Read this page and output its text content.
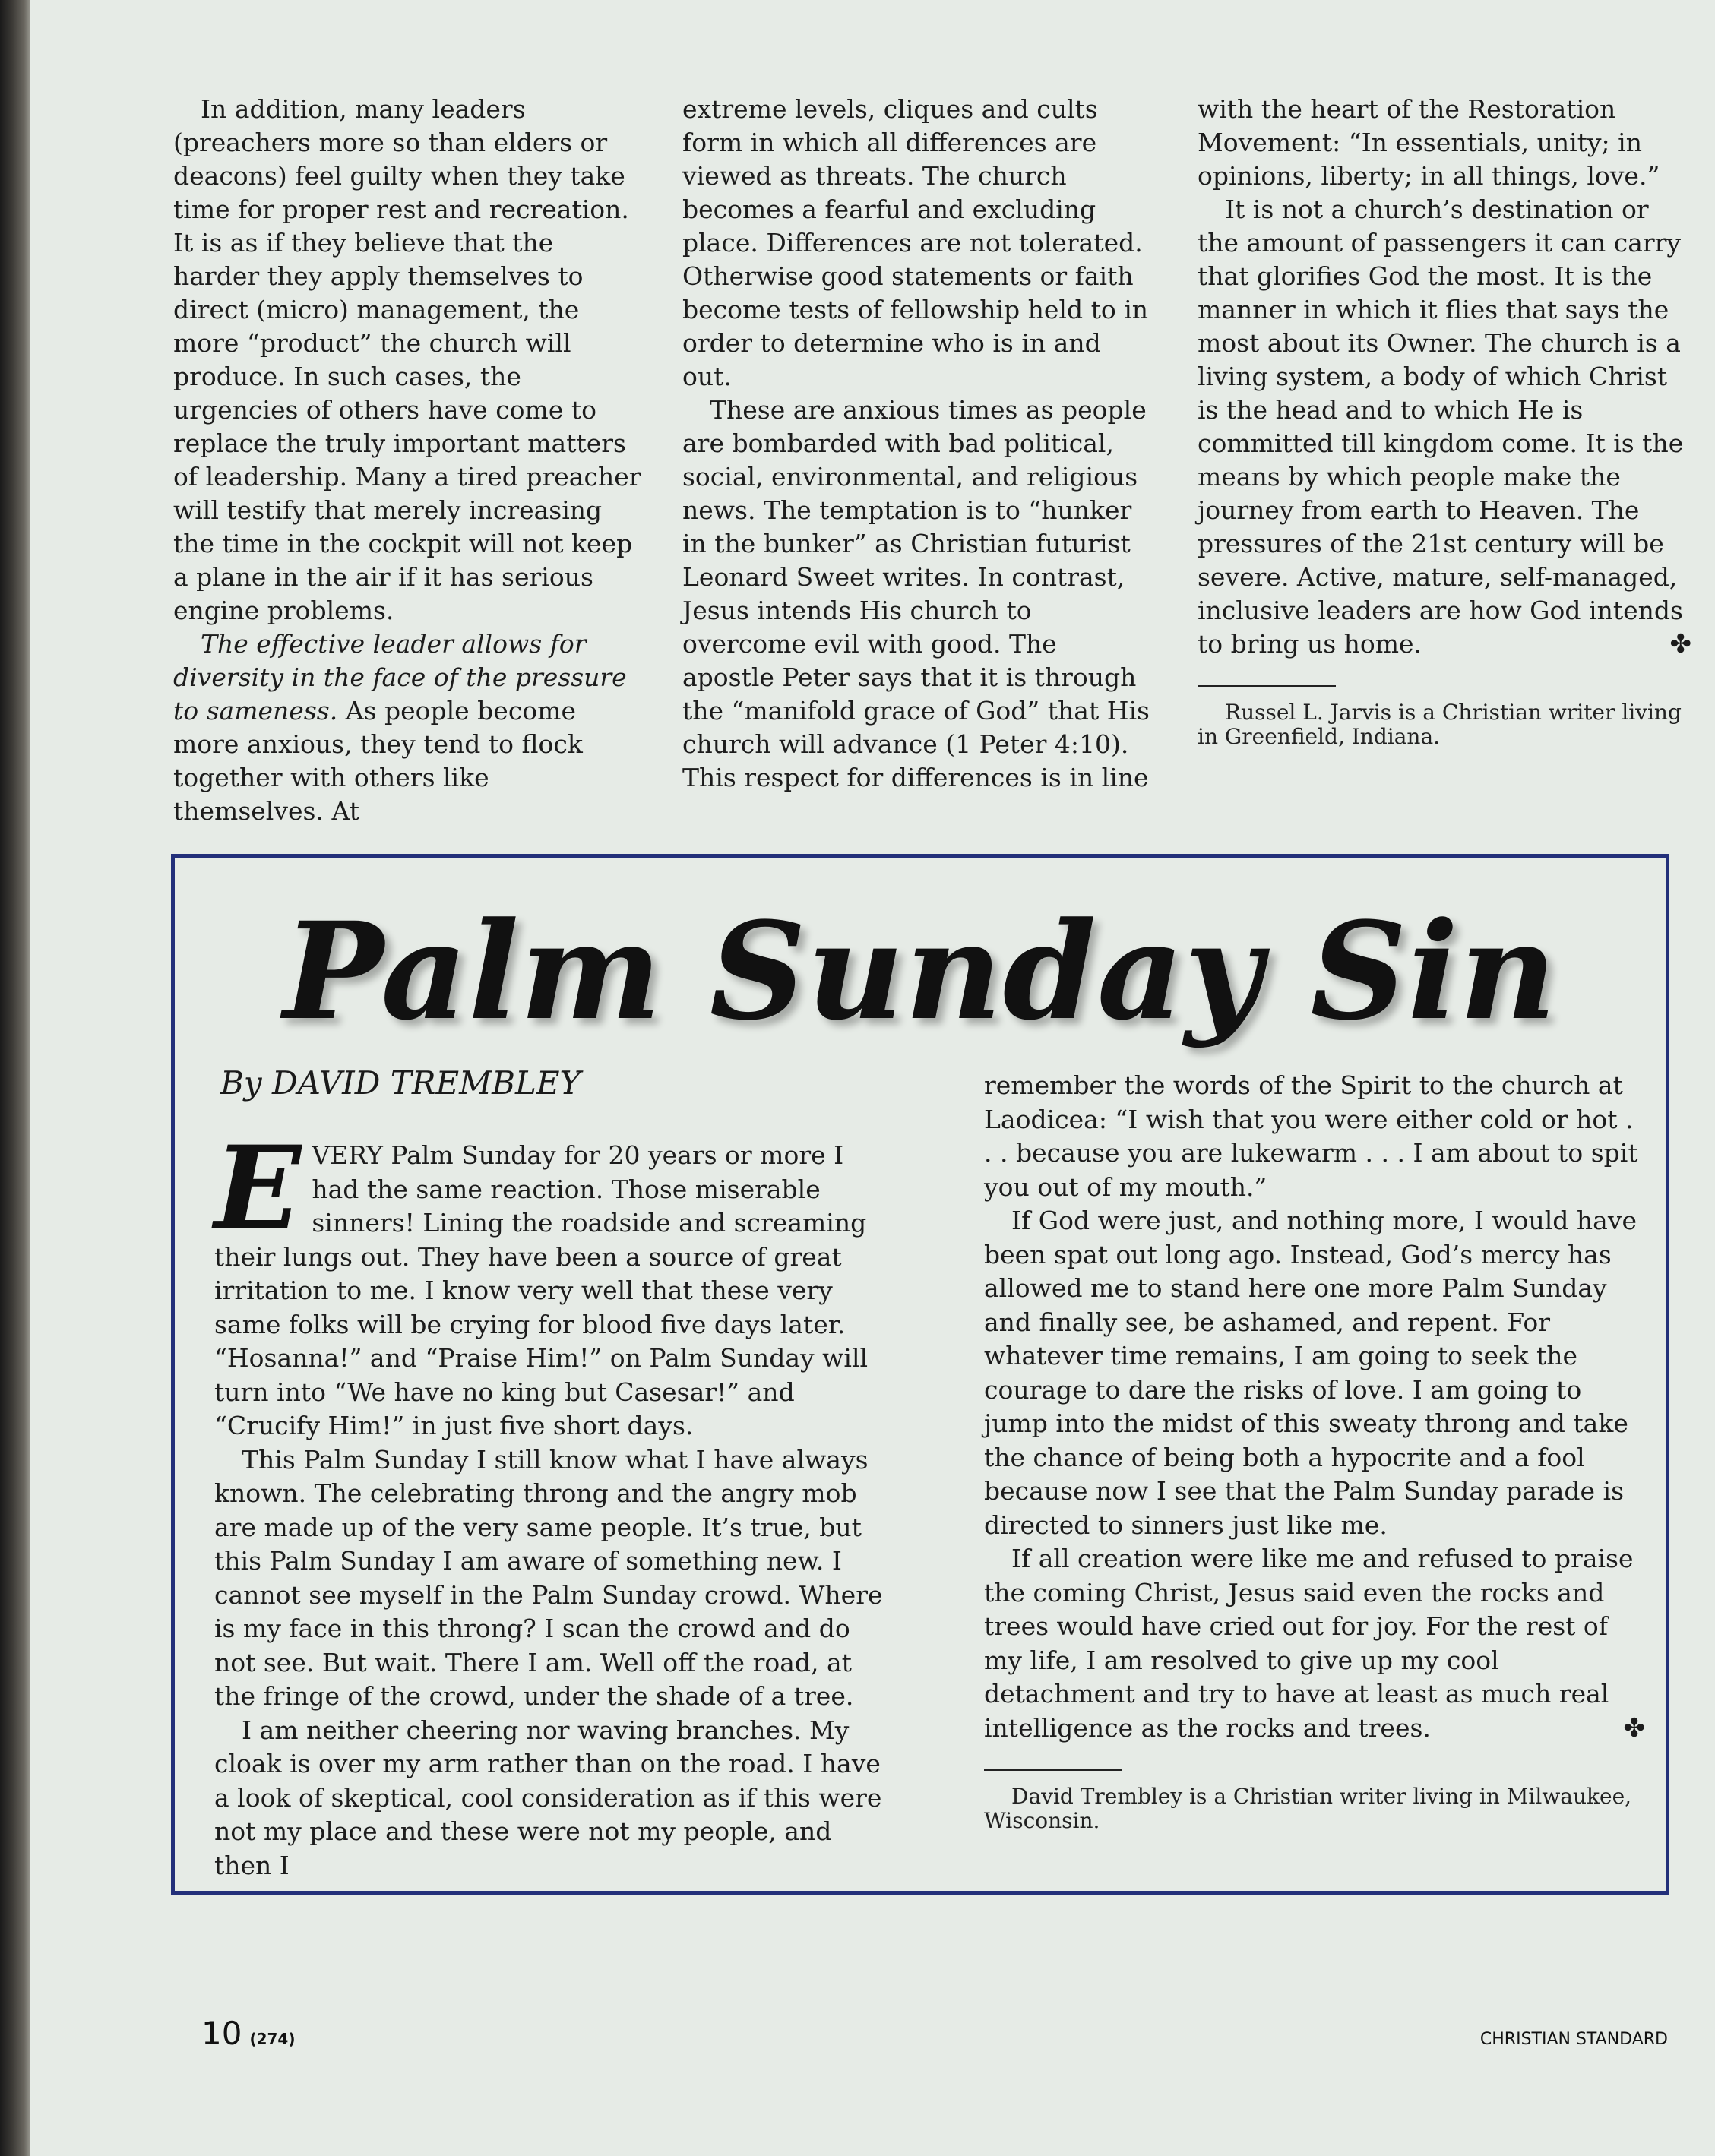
In addition, many leaders (preachers more so than elders or deacons) feel guilty when they take time for proper rest and recreation. It is as if they believe that the harder they apply themselves to direct (micro) management, the more “product” the church will produce. In such cases, the urgencies of others have come to replace the truly important matters of leadership. Many a tired preacher will testify that merely increasing the time in the cockpit will not keep a plane in the air if it has serious engine problems.

The effective leader allows for diversity in the face of the pressure to sameness. As people become more anxious, they tend to flock together with others like themselves. At

extreme levels, cliques and cults form in which all differences are viewed as threats. The church becomes a fearful and excluding place. Differences are not tolerated. Otherwise good statements or faith become tests of fellowship held to in order to determine who is in and out.

These are anxious times as people are bombarded with bad political, social, environmental, and religious news. The temptation is to “hunker in the bunker” as Christian futurist Leonard Sweet writes. In contrast, Jesus intends His church to overcome evil with good. The apostle Peter says that it is through the “manifold grace of God” that His church will advance (1 Peter 4:10). This respect for differences is in line

with the heart of the Restoration Movement: “In essentials, unity; in opinions, liberty; in all things, love.”

It is not a church’s destination or the amount of passengers it can carry that glorifies God the most. It is the manner in which it flies that says the most about its Owner. The church is a living system, a body of which Christ is the head and to which He is committed till kingdom come. It is the means by which people make the journey from earth to Heaven. The pressures of the 21st century will be severe. Active, mature, self-managed, inclusive leaders are how God intends to bring us home.	✤

Russel L. Jarvis is a Christian writer living in Greenfield, Indiana.
Palm Sunday Sin
By DAVID TREMBLEY

EVERY Palm Sunday for 20 years or more I had the same reaction. Those miserable sinners! Lining the roadside and screaming their lungs out. They have been a source of great irritation to me. I know very well that these very same folks will be crying for blood five days later. “Hosanna!” and “Praise Him!” on Palm Sunday will turn into “We have no king but Casesar!” and “Crucify Him!” in just five short days.

This Palm Sunday I still know what I have always known. The celebrating throng and the angry mob are made up of the very same people. It’s true, but this Palm Sunday I am aware of something new. I cannot see myself in the Palm Sunday crowd. Where is my face in this throng? I scan the crowd and do not see. But wait. There I am. Well off the road, at the fringe of the crowd, under the shade of a tree.

I am neither cheering nor waving branches. My cloak is over my arm rather than on the road. I have a look of skeptical, cool consideration as if this were not my place and these were not my people, and then I

remember the words of the Spirit to the church at Laodicea: “I wish that you were either cold or hot . . . because you are lukewarm . . . I am about to spit you out of my mouth.”

If God were just, and nothing more, I would have been spat out long ago. Instead, God’s mercy has allowed me to stand here one more Palm Sunday and finally see, be ashamed, and repent. For whatever time remains, I am going to seek the courage to dare the risks of love. I am going to jump into the midst of this sweaty throng and take the chance of being both a hypocrite and a fool because now I see that the Palm Sunday parade is directed to sinners just like me.

If all creation were like me and refused to praise the coming Christ, Jesus said even the rocks and trees would have cried out for joy. For the rest of my life, I am resolved to give up my cool detachment and try to have at least as much real intelligence as the rocks and trees.	✤

David Trembley is a Christian writer living in Milwaukee, Wisconsin.
10 (274)	CHRISTIAN STANDARD
